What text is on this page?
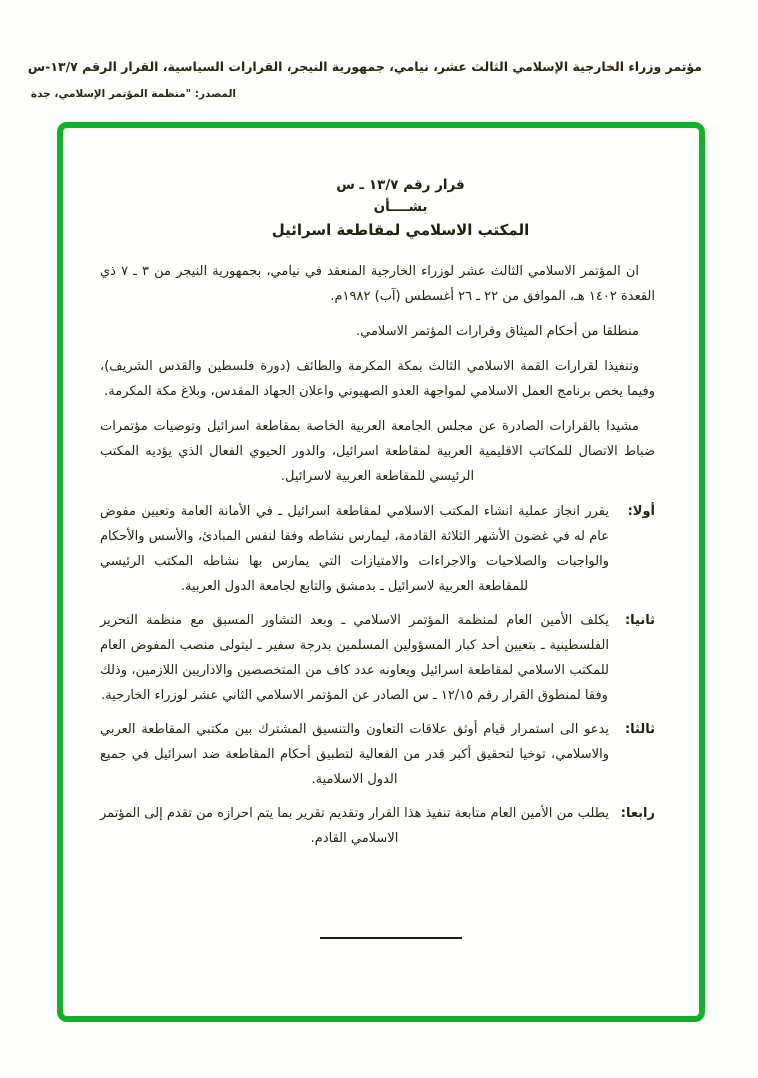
مؤتمر وزراء الخارجية الإسلامي الثالث عشر، نيامي، جمهورية النيجر، القرارات السياسية، القرار الرقم ١٣/٧-س
المصدر: "منظمة المؤتمر الإسلامي، جدة
قرار رقم ١٣/٧ ـ س
بشــــأن
المكتب الاسلامي لمقاطعة اسرائيل

ان المؤتمر الاسلامي الثالث عشر لوزراء الخارجية المنعقد في نيامي، بجمهورية النيجر من ٣ ـ ٧ ذي القعدة ١٤٠٢ هـ، الموافق من ٢٢ ـ ٢٦ أغسطس (آب) ١٩٨٢م.

منطلقا من أحكام الميثاق وقرارات المؤتمر الاسلامي.

وتنفيذا لقرارات القمة الاسلامي الثالث بمكة المكرمة والطائف (دورة فلسطين والقدس الشريف)، وفيما يخص برنامج العمل الاسلامي لمواجهة العدو الصهيوني واعلان الجهاد المقدس، وبلاغ مكة المكرمة.

مشيدا بالقرارات الصادرة عن مجلس الجامعة العربية الخاصة بمقاطعة اسرائيل وتوصيات مؤتمرات ضباط الاتصال للمكاتب الاقليمية العربية لمقاطعة اسرائيل، والدور الحيوي الفعال الذي يؤديه المكتب الرئيسي للمقاطعة العربية لاسرائيل.

أولا:
يقرر انجاز عملية انشاء المكتب الاسلامي لمقاطعة اسرائيل ـ في الأمانة العامة وتعيين مفوض عام له في غضون الأشهر الثلاثة القادمة، ليمارس نشاطه وفقا لنفس المبادئ، والأسس والأحكام والواجبات والصلاحيات والاجراءات والامتيازات التي يمارس بها نشاطه المكتب الرئيسي للمقاطعة العربية لاسرائيل ـ بدمشق والتابع لجامعة الدول العربية.
ثانيا:
يكلف الأمين العام لمنظمة المؤتمر الاسلامي ـ وبعد التشاور المسبق مع منظمة التحرير الفلسطينية ـ بتعيين أحد كبار المسؤولين المسلمين بدرجة سفير ـ ليتولى منصب المفوض العام للمكتب الاسلامي لمقاطعة اسرائيل ويعاونه عدد كاف من المتخصصين والاداريين اللازمين، وذلك وفقا لمنطوق القرار رقم ١٢/١٥ ـ س الصادر عن المؤتمر الاسلامي الثاني عشر لوزراء الخارجية.
ثالثا:
يدعو الى استمرار قيام أوثق علاقات التعاون والتنسيق المشترك بين مكتبي المقاطعة العربي والاسلامي، توخيا لتحقيق أكبر قدر من الفعالية لتطبيق أحكام المقاطعة ضد اسرائيل في جميع الدول الاسلامية.
رابعا:
يطلب من الأمين العام متابعة تنفيذ هذا القرار وتقديم تقرير بما يتم احرازه من تقدم إلى المؤتمر الاسلامي القادم.
